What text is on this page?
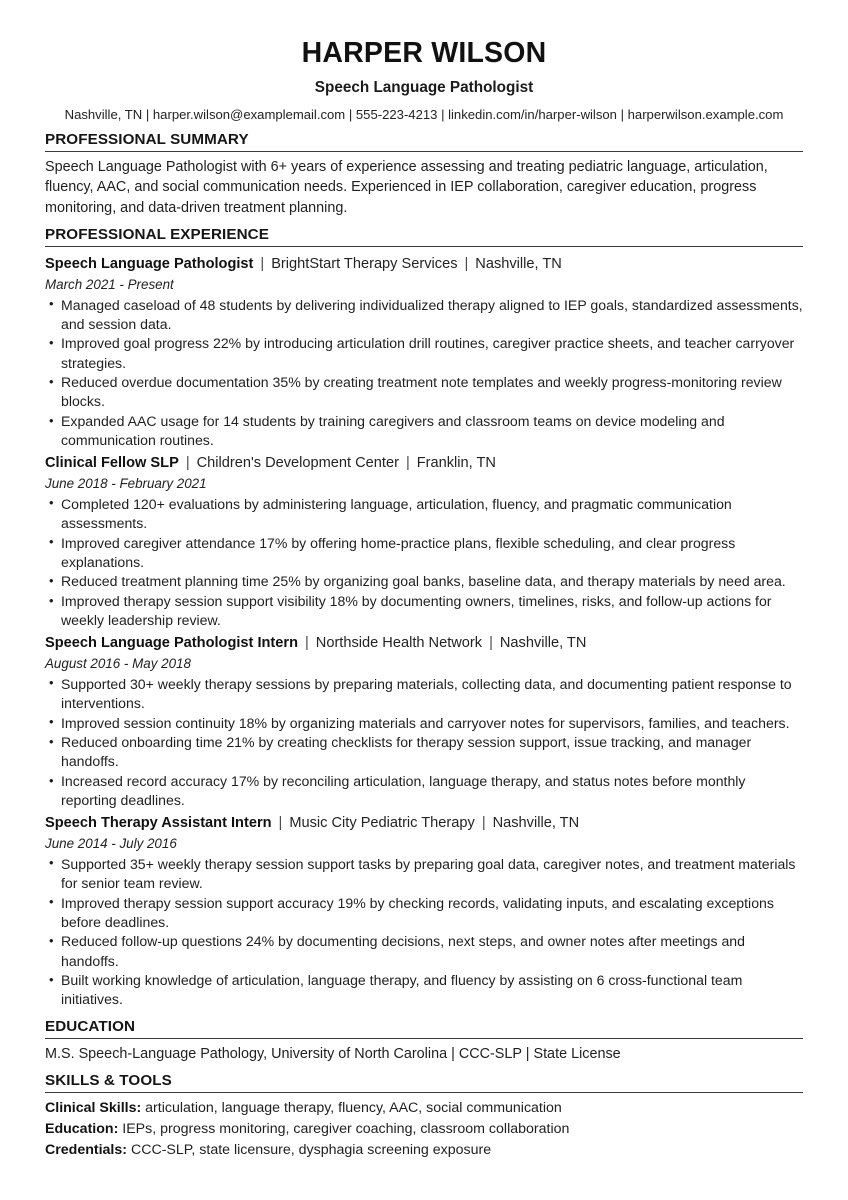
HARPER WILSON
Speech Language Pathologist
Nashville, TN | harper.wilson@examplemail.com | 555-223-4213 | linkedin.com/in/harper-wilson | harperwilson.example.com
PROFESSIONAL SUMMARY

Speech Language Pathologist with 6+ years of experience assessing and treating pediatric language, articulation, fluency, AAC, and social communication needs. Experienced in IEP collaboration, caregiver education, progress monitoring, and data-driven treatment planning.

PROFESSIONAL EXPERIENCE
Speech Language Pathologist | BrightStart Therapy Services | Nashville, TN
March 2021 - Present
• Managed caseload of 48 students by delivering individualized therapy aligned to IEP goals, standardized assessments, and session data.
• Improved goal progress 22% by introducing articulation drill routines, caregiver practice sheets, and teacher carryover strategies.
• Reduced overdue documentation 35% by creating treatment note templates and weekly progress-monitoring review blocks.
• Expanded AAC usage for 14 students by training caregivers and classroom teams on device modeling and communication routines.
Clinical Fellow SLP | Children's Development Center | Franklin, TN
June 2018 - February 2021
• Completed 120+ evaluations by administering language, articulation, fluency, and pragmatic communication assessments.
• Improved caregiver attendance 17% by offering home-practice plans, flexible scheduling, and clear progress explanations.
• Reduced treatment planning time 25% by organizing goal banks, baseline data, and therapy materials by need area.
• Improved therapy session support visibility 18% by documenting owners, timelines, risks, and follow-up actions for weekly leadership review.
Speech Language Pathologist Intern | Northside Health Network | Nashville, TN
August 2016 - May 2018
• Supported 30+ weekly therapy sessions by preparing materials, collecting data, and documenting patient response to interventions.
• Improved session continuity 18% by organizing materials and carryover notes for supervisors, families, and teachers.
• Reduced onboarding time 21% by creating checklists for therapy session support, issue tracking, and manager handoffs.
• Increased record accuracy 17% by reconciling articulation, language therapy, and status notes before monthly reporting deadlines.
Speech Therapy Assistant Intern | Music City Pediatric Therapy | Nashville, TN
June 2014 - July 2016
• Supported 35+ weekly therapy session support tasks by preparing goal data, caregiver notes, and treatment materials for senior team review.
• Improved therapy session support accuracy 19% by checking records, validating inputs, and escalating exceptions before deadlines.
• Reduced follow-up questions 24% by documenting decisions, next steps, and owner notes after meetings and handoffs.
• Built working knowledge of articulation, language therapy, and fluency by assisting on 6 cross-functional team initiatives.
EDUCATION

M.S. Speech-Language Pathology, University of North Carolina | CCC-SLP | State License

SKILLS & TOOLS

Clinical Skills: articulation, language therapy, fluency, AAC, social communication

Education: IEPs, progress monitoring, caregiver coaching, classroom collaboration

Credentials: CCC-SLP, state licensure, dysphagia screening exposure
